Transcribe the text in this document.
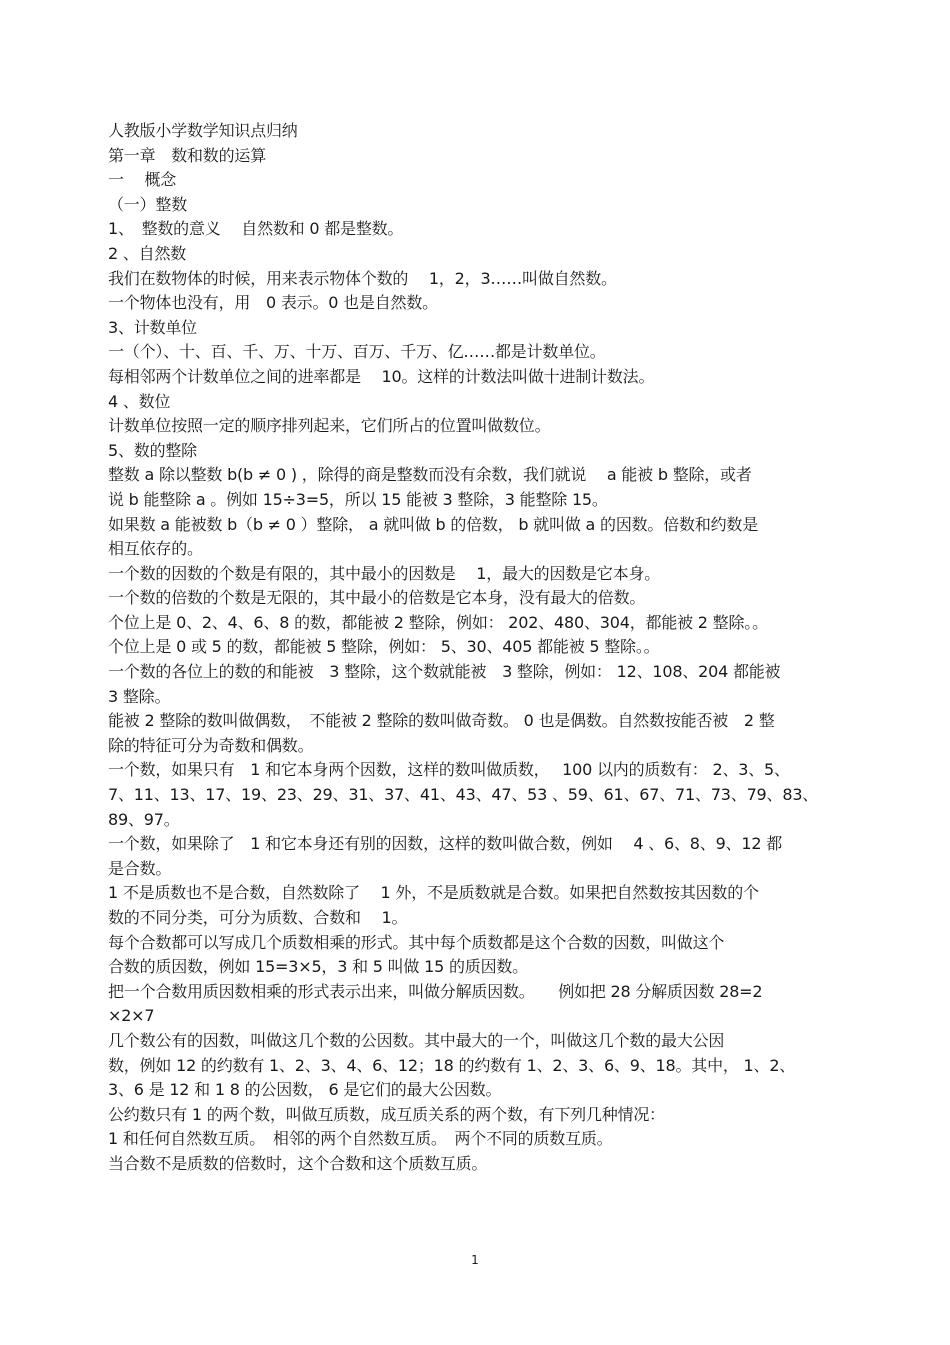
人教版小学数学知识点归纳
第一章　数和数的运算
一　 概念
（一）整数
1、　整数的意义　 自然数和 0 都是整数。
2 、自然数
我们在数物体的时候，用来表示物体个数的　 1，2，3……叫做自然数。
一个物体也没有，用　0 表示。0 也是自然数。
3、计数单位
一（个）、十、百、千、万、十万、百万、千万、亿……都是计数单位。
每相邻两个计数单位之间的进率都是　 10。这样的计数法叫做十进制计数法。
4 、数位
计数单位按照一定的顺序排列起来，它们所占的位置叫做数位。
5、数的整除
整数 a 除以整数 b(b ≠ 0 ) ，除得的商是整数而没有余数，我们就说　 a 能被 b 整除，或者
说 b 能整除 a 。例如 15÷3=5，所以 15 能被 3 整除，3 能整除 15。
如果数 a 能被数 b（b ≠ 0 ）整除， a 就叫做 b 的倍数， b 就叫做 a 的因数。倍数和约数是
相互依存的。
一个数的因数的个数是有限的，其中最小的因数是　 1，最大的因数是它本身。
一个数的倍数的个数是无限的，其中最小的倍数是它本身，没有最大的倍数。
个位上是 0、2、4、6、8 的数，都能被 2 整除，例如： 202、480、304，都能被 2 整除。。
个位上是 0 或 5 的数，都能被 5 整除，例如： 5、30、405 都能被 5 整除。。
一个数的各位上的数的和能被　3 整除，这个数就能被　3 整除，例如： 12、108、204 都能被
3 整除。
能被 2 整除的数叫做偶数，　不能被 2 整除的数叫做奇数。 0 也是偶数。自然数按能否被　2 整
除的特征可分为奇数和偶数。
一个数，如果只有　1 和它本身两个因数，这样的数叫做质数，　 100 以内的质数有： 2、3、5、
7、11、13、17、19、23、29、31、37、41、43、47、53 、59、61、67、71、73、79、83、
89、97。
一个数，如果除了　1 和它本身还有别的因数，这样的数叫做合数，例如　 4 、6、8、9、12 都
是合数。
1 不是质数也不是合数，自然数除了　 1 外，不是质数就是合数。如果把自然数按其因数的个
数的不同分类，可分为质数、合数和　 1。
每个合数都可以写成几个质数相乘的形式。其中每个质数都是这个合数的因数，叫做这个
合数的质因数，例如 15=3×5，3 和 5 叫做 15 的质因数。
把一个合数用质因数相乘的形式表示出来，叫做分解质因数。　　例如把 28 分解质因数 28=2
×2×7
几个数公有的因数，叫做这几个数的公因数。其中最大的一个，叫做这几个数的最大公因
数，例如 12 的约数有 1、2、3、4、6、12；18 的约数有 1、2、3、6、9、18。其中， 1、2、
3、6 是 12 和 1 8 的公因数， 6 是它们的最大公因数。
公约数只有 1 的两个数，叫做互质数，成互质关系的两个数，有下列几种情况：
1 和任何自然数互质。　相邻的两个自然数互质。　两个不同的质数互质。
当合数不是质数的倍数时，这个合数和这个质数互质。
1
